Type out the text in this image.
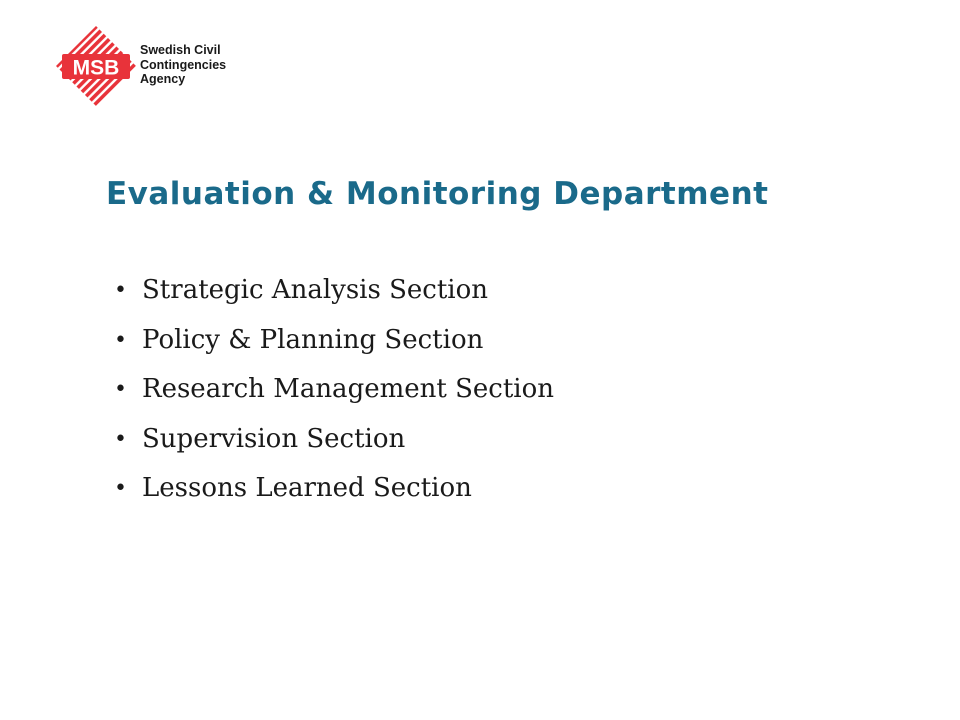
MSB
Swedish Civil
Contingencies
Agency
Evaluation & Monitoring Department
• Strategic Analysis Section
• Policy & Planning Section
• Research Management Section
• Supervision Section
• Lessons Learned Section
